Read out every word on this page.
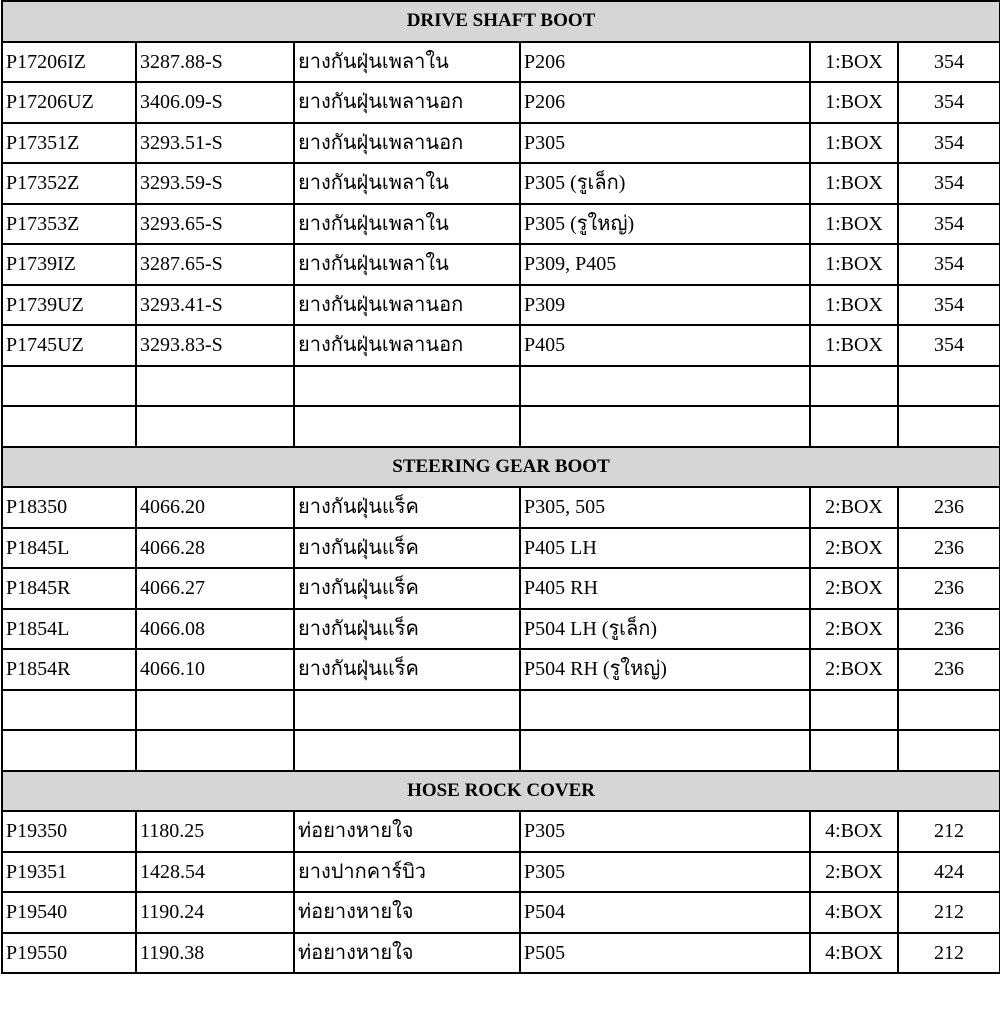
DRIVE SHAFT BOOT					
P17206IZ	3287.88-S	ยางกันฝุ่นเพลาใน	P206	1:BOX	354
P17206UZ	3406.09-S	ยางกันฝุ่นเพลานอก	P206	1:BOX	354
P17351Z	3293.51-S	ยางกันฝุ่นเพลานอก	P305	1:BOX	354
P17352Z	3293.59-S	ยางกันฝุ่นเพลาใน	P305 (รูเล็ก)	1:BOX	354
P17353Z	3293.65-S	ยางกันฝุ่นเพลาใน	P305 (รูใหญ่)	1:BOX	354
P1739IZ	3287.65-S	ยางกันฝุ่นเพลาใน	P309, P405	1:BOX	354
P1739UZ	3293.41-S	ยางกันฝุ่นเพลานอก	P309	1:BOX	354
P1745UZ	3293.83-S	ยางกันฝุ่นเพลานอก	P405	1:BOX	354

STEERING GEAR BOOT					
P18350	4066.20	ยางกันฝุ่นแร็ค	P305, 505	2:BOX	236
P1845L	4066.28	ยางกันฝุ่นแร็ค	P405 LH	2:BOX	236
P1845R	4066.27	ยางกันฝุ่นแร็ค	P405 RH	2:BOX	236
P1854L	4066.08	ยางกันฝุ่นแร็ค	P504 LH (รูเล็ก)	2:BOX	236
P1854R	4066.10	ยางกันฝุ่นแร็ค	P504 RH (รูใหญ่)	2:BOX	236

HOSE ROCK COVER					
P19350	1180.25	ท่อยางหายใจ	P305	4:BOX	212
P19351	1428.54	ยางปากคาร์บิว	P305	2:BOX	424
P19540	1190.24	ท่อยางหายใจ	P504	4:BOX	212
P19550	1190.38	ท่อยางหายใจ	P505	4:BOX	212
